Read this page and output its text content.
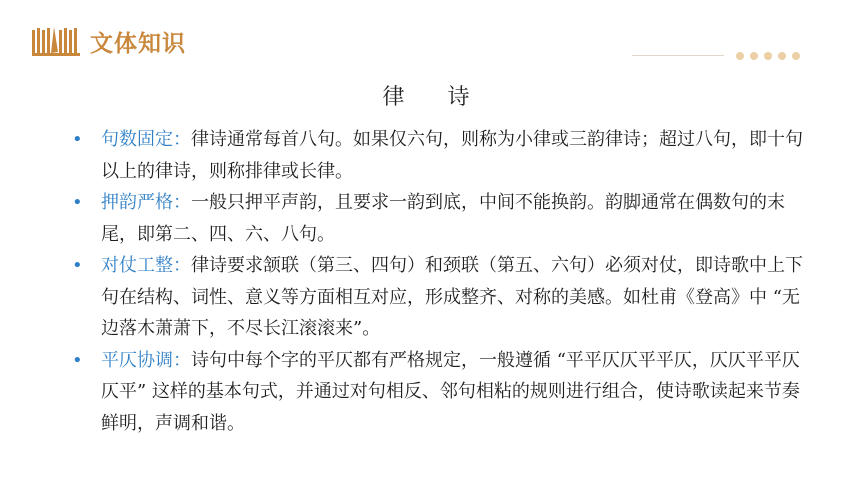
文体知识
律 诗
• 句数固定：律诗通常每首八句。如果仅六句，则称为小律或三韵律诗；超过八句，即十句以上的律诗，则称排律或长律。
• 押韵严格：一般只押平声韵，且要求一韵到底，中间不能换韵。韵脚通常在偶数句的末尾，即第二、四、六、八句。
• 对仗工整：律诗要求颔联（第三、四句）和颈联（第五、六句）必须对仗，即诗歌中上下句在结构、词性、意义等方面相互对应，形成整齐、对称的美感。如杜甫《登高》中 “无边落木萧萧下，不尽长江滚滚来”。
• 平仄协调：诗句中每个字的平仄都有严格规定，一般遵循 “平平仄仄平平仄，仄仄平平仄仄平” 这样的基本句式，并通过对句相反、邻句相粘的规则进行组合，使诗歌读起来节奏鲜明，声调和谐。
